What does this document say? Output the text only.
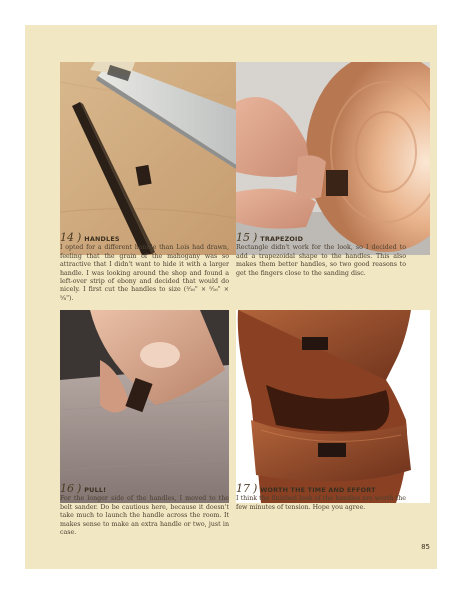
14 ) HANDLES

I opted for a different handle than Lois had drawn, feeling that the grain of the mahogany was so attractive that I didn't want to hide it with a larger handle. I was looking around the shop and found a left-over strip of ebony and decided that would do nicely. I first cut the handles to size (³⁄₁₆" × ⁵⁄₁₆" × ⁵⁄₈").

15 ) TRAPEZOID

Rectangle didn't work for the look, so I decided to add a trapezoidal shape to the handles. This also makes them better handles, so two good reasons to get the fingers close to the sanding disc.

16 ) PULL!

For the longer side of the handles, I moved to the belt sander. Do be cautious here, because it doesn't take much to launch the handle across the room. It makes sense to make an extra handle or two, just in case.

17 ) WORTH THE TIME AND EFFORT

I think the finished look of the handles are worth the few minutes of tension. Hope you agree.

85
